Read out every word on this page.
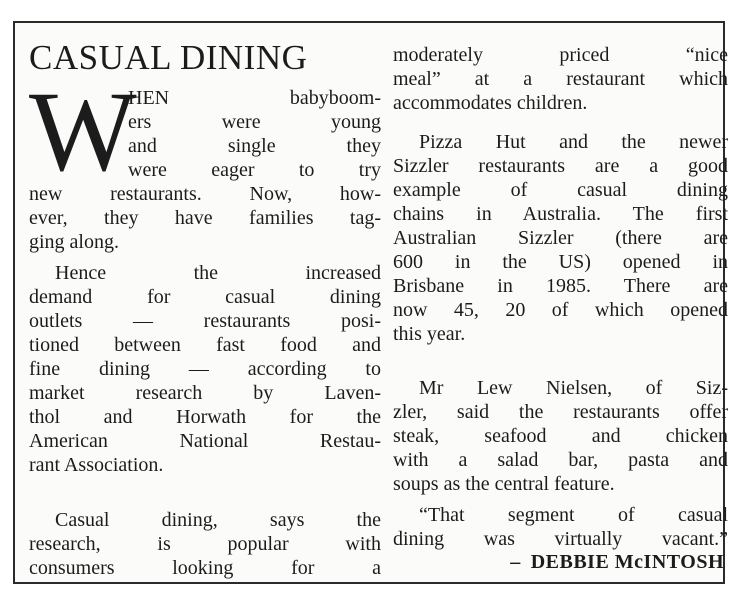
CASUAL DINING
W
HEN babyboom-
ers were young
and single they
were eager to try
new restaurants. Now, how-
ever, they have families tag-
ging along.
Hence the increased
demand for casual dining
outlets — restaurants posi-
tioned between fast food and
fine dining — according to
market research by Laven-
thol and Horwath for the
American National Restau-
rant Association.
Casual dining, says the
research, is popular with
consumers looking for a
moderately priced “nice
meal” at a restaurant which
accommodates children.
Pizza Hut and the newer
Sizzler restaurants are a good
example of casual dining
chains in Australia. The first
Australian Sizzler (there are
600 in the US) opened in
Brisbane in 1985. There are
now 45, 20 of which opened
this year.
Mr Lew Nielsen, of Siz-
zler, said the restaurants offer
steak, seafood and chicken
with a salad bar, pasta and
soups as the central feature.
“That segment of casual
dining was virtually vacant.”
– DEBBIE McINTOSH
